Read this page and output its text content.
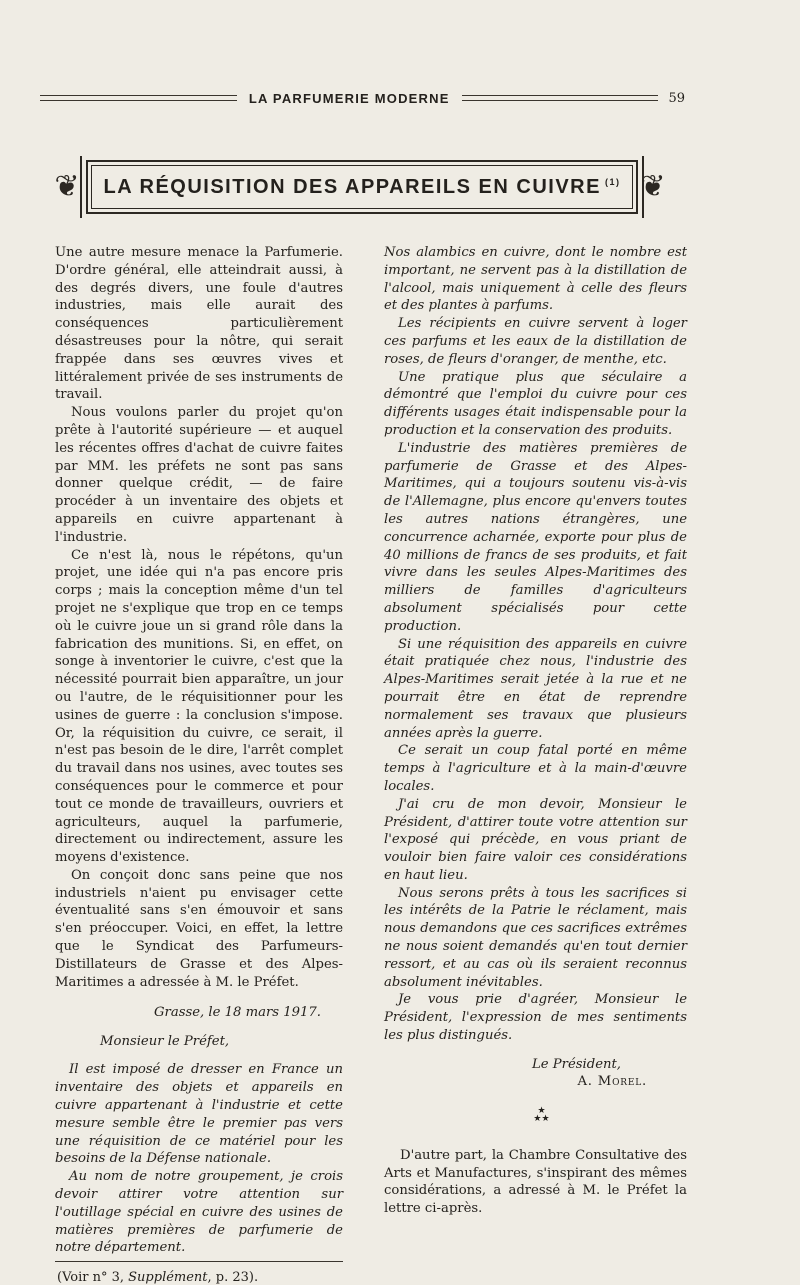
LA PARFUMERIE MODERNE	59
❦ LA RÉQUISITION DES APPAREILS EN CUIVRE $^{(1)}$ ❦

Une autre mesure menace la Parfumerie. D'ordre général, elle atteindrait aussi, à des degrés divers, une foule d'autres industries, mais elle aurait des conséquences particulièrement désastreuses pour la nôtre, qui serait frappée dans ses œuvres vives et littéralement privée de ses instruments de travail.

Nous voulons parler du projet qu'on prête à l'autorité supérieure — et auquel les récentes offres d'achat de cuivre faites par MM. les préfets ne sont pas sans donner quelque crédit, — de faire procéder à un inventaire des objets et appareils en cuivre appartenant à l'industrie.

Ce n'est là, nous le répétons, qu'un projet, une idée qui n'a pas encore pris corps ; mais la conception même d'un tel projet ne s'explique que trop en ce temps où le cuivre joue un si grand rôle dans la fabrication des munitions. Si, en effet, on songe à inventorier le cuivre, c'est que la nécessité pourrait bien apparaître, un jour ou l'autre, de le réquisitionner pour les usines de guerre : la conclusion s'impose. Or, la réquisition du cuivre, ce serait, il n'est pas besoin de le dire, l'arrêt complet du travail dans nos usines, avec toutes ses conséquences pour le commerce et pour tout ce monde de travailleurs, ouvriers et agriculteurs, auquel la parfumerie, directement ou indirectement, assure les moyens d'existence.

On conçoit donc sans peine que nos industriels n'aient pu envisager cette éventualité sans s'en émouvoir et sans s'en préoccuper. Voici, en effet, la lettre que le Syndicat des Parfumeurs-Distillateurs de Grasse et des Alpes-Maritimes a adressée à M. le Préfet.

Grasse, le 18 mars 1917.

Monsieur le Préfet,

Il est imposé de dresser en France un inventaire des objets et appareils en cuivre appartenant à l'industrie et cette mesure semble être le premier pas vers une réquisition de ce matériel pour les besoins de la Défense nationale.

Au nom de notre groupement, je crois devoir attirer votre attention sur l'outillage spécial en cuivre des usines de matières premières de parfumerie de notre département.

(Voir n° 3, Supplément, p. 23).

Nos alambics en cuivre, dont le nombre est important, ne servent pas à la distillation de l'alcool, mais uniquement à celle des fleurs et des plantes à parfums.

Les récipients en cuivre servent à loger ces parfums et les eaux de la distillation de roses, de fleurs d'oranger, de menthe, etc.

Une pratique plus que séculaire a démontré que l'emploi du cuivre pour ces différents usages était indispensable pour la production et la conservation des produits.

L'industrie des matières premières de parfumerie de Grasse et des Alpes-Maritimes, qui a toujours soutenu vis-à-vis de l'Allemagne, plus encore qu'envers toutes les autres nations étrangères, une concurrence acharnée, exporte pour plus de 40 millions de francs de ses produits, et fait vivre dans les seules Alpes-Maritimes des milliers de familles d'agriculteurs absolument spécialisés pour cette production.

Si une réquisition des appareils en cuivre était pratiquée chez nous, l'industrie des Alpes-Maritimes serait jetée à la rue et ne pourrait être en état de reprendre normalement ses travaux que plusieurs années après la guerre.

Ce serait un coup fatal porté en même temps à l'agriculture et à la main-d'œuvre locales.

J'ai cru de mon devoir, Monsieur le Président, d'attirer toute votre attention sur l'exposé qui précède, en vous priant de vouloir bien faire valoir ces considérations en haut lieu.

Nous serons prêts à tous les sacrifices si les intérêts de la Patrie le réclament, mais nous demandons que ces sacrifices extrêmes ne nous soient demandés qu'en tout dernier ressort, et au cas où ils seraient reconnus absolument inévitables.

Je vous prie d'agréer, Monsieur le Président, l'expression de mes sentiments les plus distingués.

Le Président,

A. Morel.

★
★★

D'autre part, la Chambre Consultative des Arts et Manufactures, s'inspirant des mêmes considérations, a adressé à M. le Préfet la lettre ci-après.
